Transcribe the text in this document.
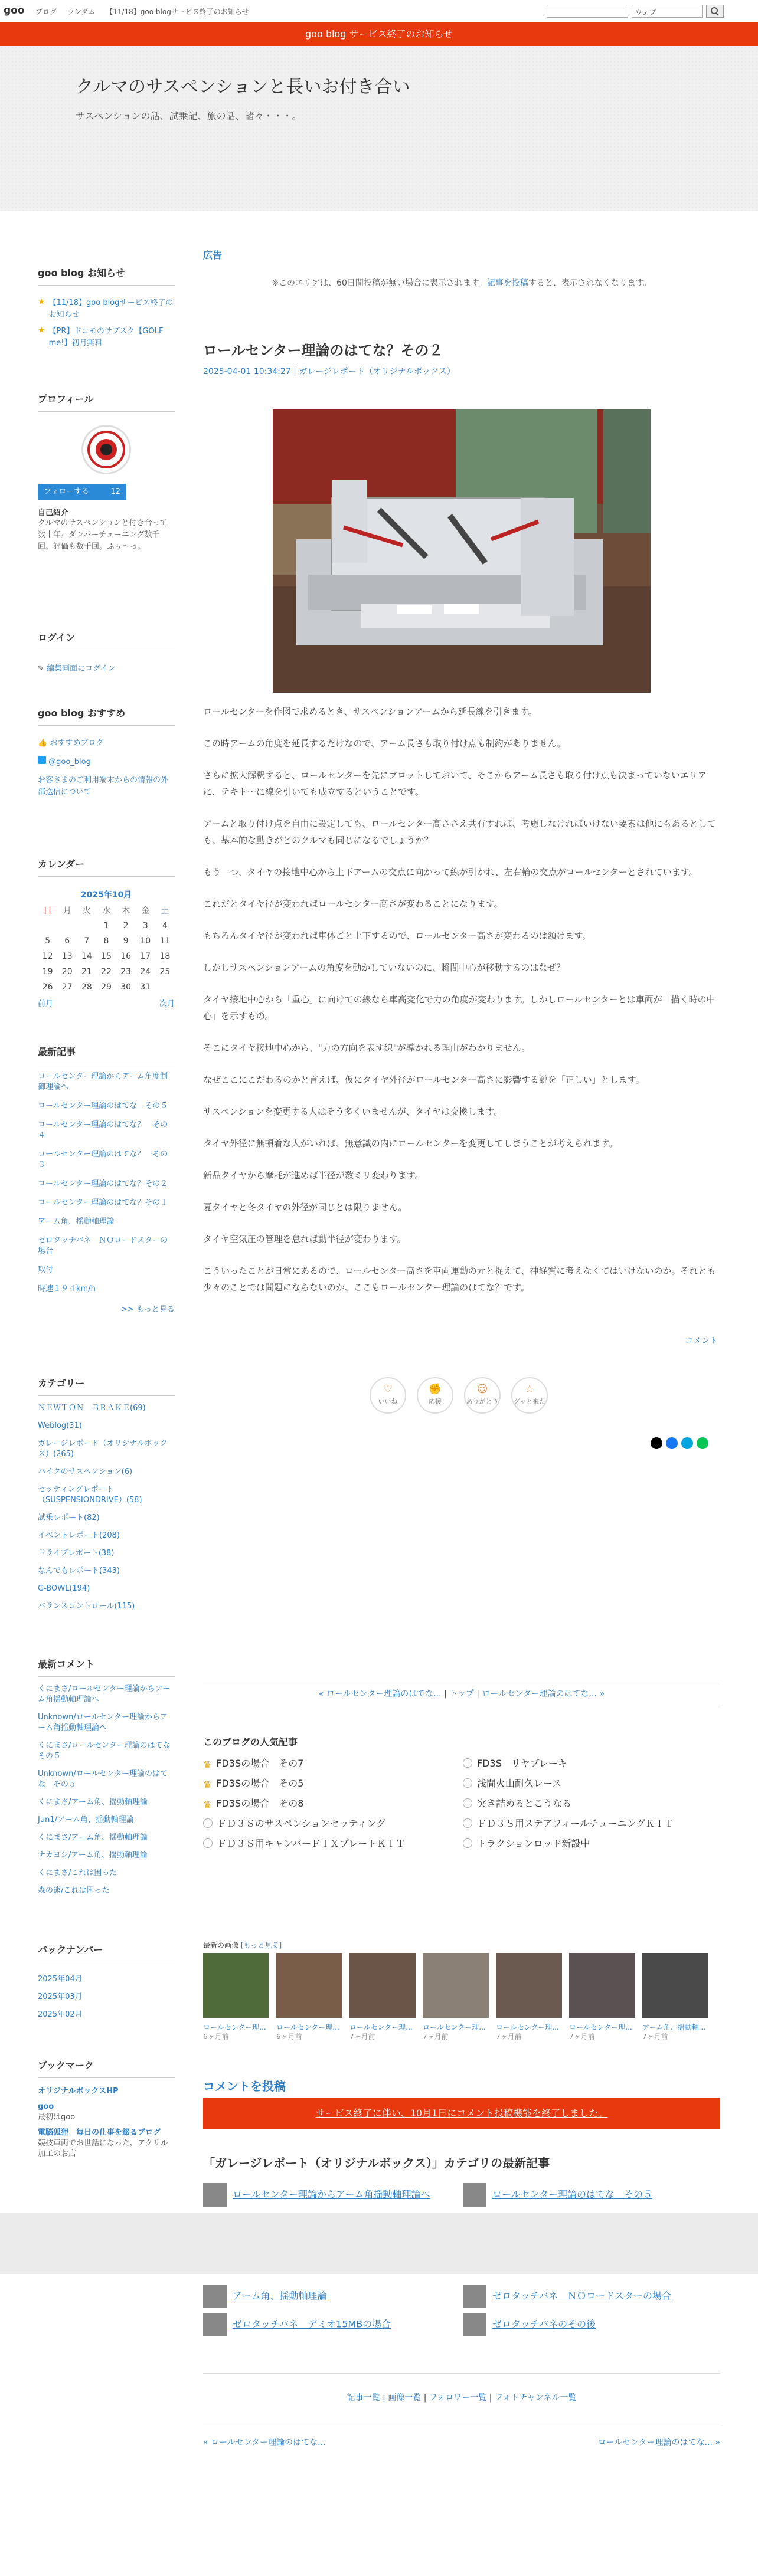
goo ブログ ランダム 【11/18】goo blogサービス終了のお知らせ	ウェブ
goo blog サービス終了のお知らせ
クルマのサスペンションと長いお付き合い

サスペンションの話、試乗記、旅の話、諸々・・・。

goo blog お知らせ
★ 【11/18】goo blogサービス終了のお知らせ
★ 【PR】ドコモのサブスク【GOLF me!】初月無料
プロフィール
フォローする	12
自己紹介
クルマのサスペンションと付き合って数十年。ダンパーチューニング数千回。評価も数千回。ふぅ〜っ。
ログイン
✎ 編集画面にログイン
goo blog おすすめ
👍 おすすめブログ
@goo_blog
お客さまのご利用端末からの情報の外部送信について
カレンダー
2025年10月
日	月	火	水	木	金	土
			1	2	3	4
5	6	7	8	9	10	11
12	13	14	15	16	17	18
19	20	21	22	23	24	25
26	27	28	29	30	31	
前月	次月
最新記事
ロールセンター理論からアーム角度制御理論へ
ロールセンター理論のはてな　その５
ロールセンター理論のはてな？　その４
ロールセンター理論のはてな？　その３
ロールセンター理論のはてな？その２
ロールセンター理論のはてな？その１
アーム角、揺動軸理論
ゼロタッチバネ　ＮＯロードスターの場合
取付
時速１９４km/h
>> もっと見る
カテゴリー
ＮＥＷＴＯＮ　ＢＲＡＫＥ(69)
Weblog(31)
ガレージレポート（オリジナルボックス）(265)
バイクのサスペンション(6)
セッティングレポート（SUSPENSIONDRIVE）(58)
試乗レポート(82)
イベントレポート(208)
ドライブレポート(38)
なんでもレポート(343)
G-BOWL(194)
バランスコントロール(115)
最新コメント
くにまさ/ロールセンター理論からアーム角揺動軸理論へ
Unknown/ロールセンター理論からアーム角揺動軸理論へ
くにまさ/ロールセンター理論のはてな　その５
Unknown/ロールセンター理論のはてな　その５
くにまさ/アーム角、揺動軸理論
Jun1/アーム角、揺動軸理論
くにまさ/アーム角、揺動軸理論
ナカヨシ/アーム角、揺動軸理論
くにまさ/これは困った
森の熊/これは困った
バックナンバー
2025年04月
2025年03月
2025年02月
ブックマーク
オリジナルボックスHP
goo
最初はgoo
電脳狐狸　毎日の仕事を綴るブログ
競技車両でお世話になった、アクリル加工のお店
広告
※このエリアは、60日間投稿が無い場合に表示されます。記事を投稿すると、表示されなくなります。
ロールセンター理論のはてな？その２
2025-04-01 10:34:27 | ガレージレポート（オリジナルボックス）

ロールセンターを作図で求めるとき、サスペンションアームから延長線を引きます。

この時アームの角度を延長するだけなので、アーム長さも取り付け点も制約がありません。

さらに拡大解釈すると、ロールセンターを先にプロットしておいて、そこからアーム長さも取り付け点も決まっていないエリアに、テキト〜に線を引いても成立するということです。

アームと取り付け点を自由に設定しても、ロールセンター高ささえ共有すれば、考慮しなければいけない要素は他にもあるとしても、基本的な動きがどのクルマも同じになるでしょうか？

もう一つ、タイヤの接地中心から上下アームの交点に向かって線が引かれ、左右輪の交点がロールセンターとされています。

これだとタイヤ径が変わればロールセンター高さが変わることになります。

もちろんタイヤ径が変われば車体ごと上下するので、ロールセンター高さが変わるのは頷けます。

しかしサスペンションアームの角度を動かしていないのに、瞬間中心が移動するのはなぜ？

タイヤ接地中心から「重心」に向けての線なら車高変化で力の角度が変わります。しかしロールセンターとは車両が「描く時の中心」を示すもの。

そこにタイヤ接地中心から、"力の方向を表す線"が導かれる理由がわかりません。

なぜここにこだわるのかと言えば、仮にタイヤ外径がロールセンター高さに影響する説を「正しい」とします。

サスペンションを変更する人はそう多くいませんが、タイヤは交換します。

タイヤ外径に無頓着な人がいれば、無意識の内にロールセンターを変更してしまうことが考えられます。

新品タイヤから摩耗が進めば半径が数ミリ変わります。

夏タイヤと冬タイヤの外径が同じとは限りません。

タイヤ空気圧の管理を怠れば動半径が変わります。

こういったことが日常にあるので、ロールセンター高さを車両運動の元と捉えて、神経質に考えなくてはいけないのか。それとも少々のことでは問題にならないのか、ここもロールセンター理論のはてな？です。

コメント
♡
いいね
✊
応援
☺
ありがとう
☆
グッと来た
« ロールセンター理論のはてな... | トップ | ロールセンター理論のはてな... »
このブログの人気記事
♛ FD3Sの場合　その7
♛ FD3Sの場合　その5
♛ FD3Sの場合　その8
ＦＤ３Ｓのサスペンションセッティング
ＦＤ３Ｓ用キャンバーＦＩＸプレートＫＩＴ
FD3S　リヤブレーキ
浅間火山耐久レース
突き詰めるとこうなる
ＦＤ３Ｓ用ステアフィールチューニングＫＩＴ
トラクションロッド新設中
最新の画像 [もっと見る]
ロールセンター理...
6ヶ月前
ロールセンター理...
6ヶ月前
ロールセンター理...
7ヶ月前
ロールセンター理...
7ヶ月前
ロールセンター理...
7ヶ月前
ロールセンター理...
7ヶ月前
アーム角、揺動軸...
7ヶ月前
コメントを投稿
サービス終了に伴い、10月1日にコメント投稿機能を終了しました。
「ガレージレポート（オリジナルボックス）」カテゴリの最新記事
ロールセンター理論からアーム角揺動軸理論へ	ロールセンター理論のはてな　その５
アーム角、揺動軸理論	ゼロタッチバネ　ＮＯロードスターの場合
ゼロタッチバネ　デミオ15MBの場合	ゼロタッチバネのその後
記事一覧 | 画像一覧 | フォロワー一覧 | フォトチャンネル一覧
« ロールセンター理論のはてな...	ロールセンター理論のはてな... »
